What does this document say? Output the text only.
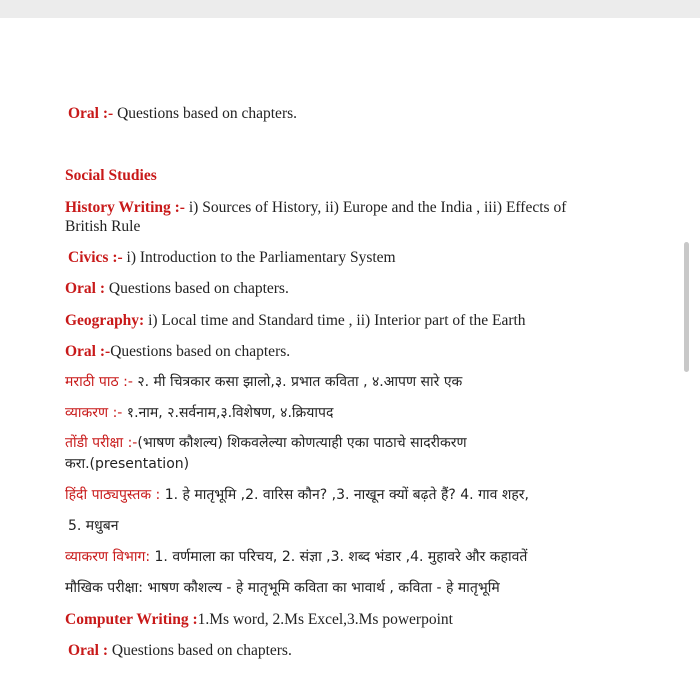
Oral :- Questions based on chapters.
Social Studies
History Writing :- i) Sources of History, ii) Europe and the India , iii) Effects of
British Rule
Civics :- i) Introduction to the Parliamentary System
Oral : Questions based on chapters.
Geography: i) Local time and Standard time , ii) Interior part of the Earth
Oral :-Questions based on chapters.
मराठी पाठ :- २. मी चित्रकार कसा झालो,३. प्रभात कविता , ४.आपण सारे एक
व्याकरण :- १.नाम, २.सर्वनाम,३.विशेषण, ४.क्रियापद
तोंडी परीक्षा :-(भाषण कौशल्य) शिकवलेल्या कोणत्याही एका पाठाचे सादरीकरण
करा.(presentation)
हिंदी पाठ्यपुस्तक : 1. हे मातृभूमि ,2. वारिस कौन? ,3. नाखून क्यों बढ़ते हैं? 4. गाव शहर,
5. मधुबन
व्याकरण विभाग: 1. वर्णमाला का परिचय, 2. संज्ञा ,3. शब्द भंडार ,4. मुहावरे और कहावतें
मौखिक परीक्षा: भाषण कौशल्य - हे मातृभूमि कविता का भावार्थ , कविता - हे मातृभूमि
Computer Writing :1.Ms word, 2.Ms Excel,3.Ms powerpoint
Oral : Questions based on chapters.
